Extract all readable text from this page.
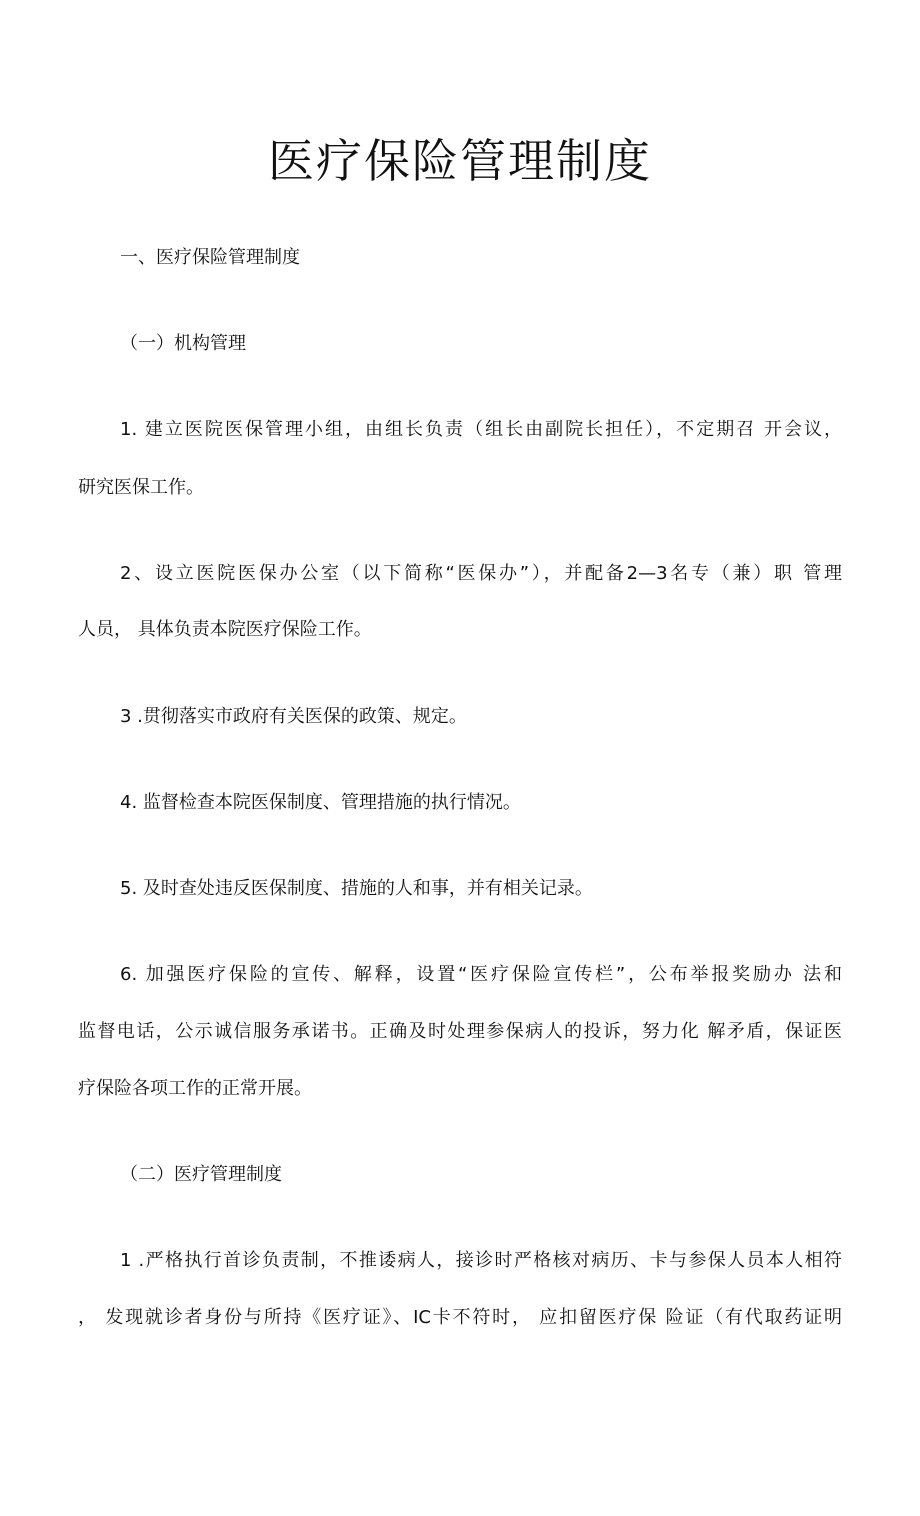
医疗保险管理制度
一、医疗保险管理制度
（一）机构管理
1. 建立医院医保管理小组，由组长负责（组长由副院长担任），不定期召 开会议，
研究医保工作。
2、设立医院医保办公室（以下简称“医保办”），并配备2—3名专（兼）职 管理
人员， 具体负责本院医疗保险工作。
3 .贯彻落实市政府有关医保的政策、规定。
4. 监督检查本院医保制度、管理措施的执行情况。
5. 及时查处违反医保制度、措施的人和事，并有相关记录。
6. 加强医疗保险的宣传、解释，设置“医疗保险宣传栏”，公布举报奖励办 法和
监督电话，公示诚信服务承诺书。正确及时处理参保病人的投诉，努力化 解矛盾，保证医
疗保险各项工作的正常开展。
（二）医疗管理制度
1 .严格执行首诊负责制，不推诿病人，接诊时严格核对病历、卡与参保人员本人相符
， 发现就诊者身份与所持《医疗证》、IC卡不符时， 应扣留医疗保 险证（有代取药证明
